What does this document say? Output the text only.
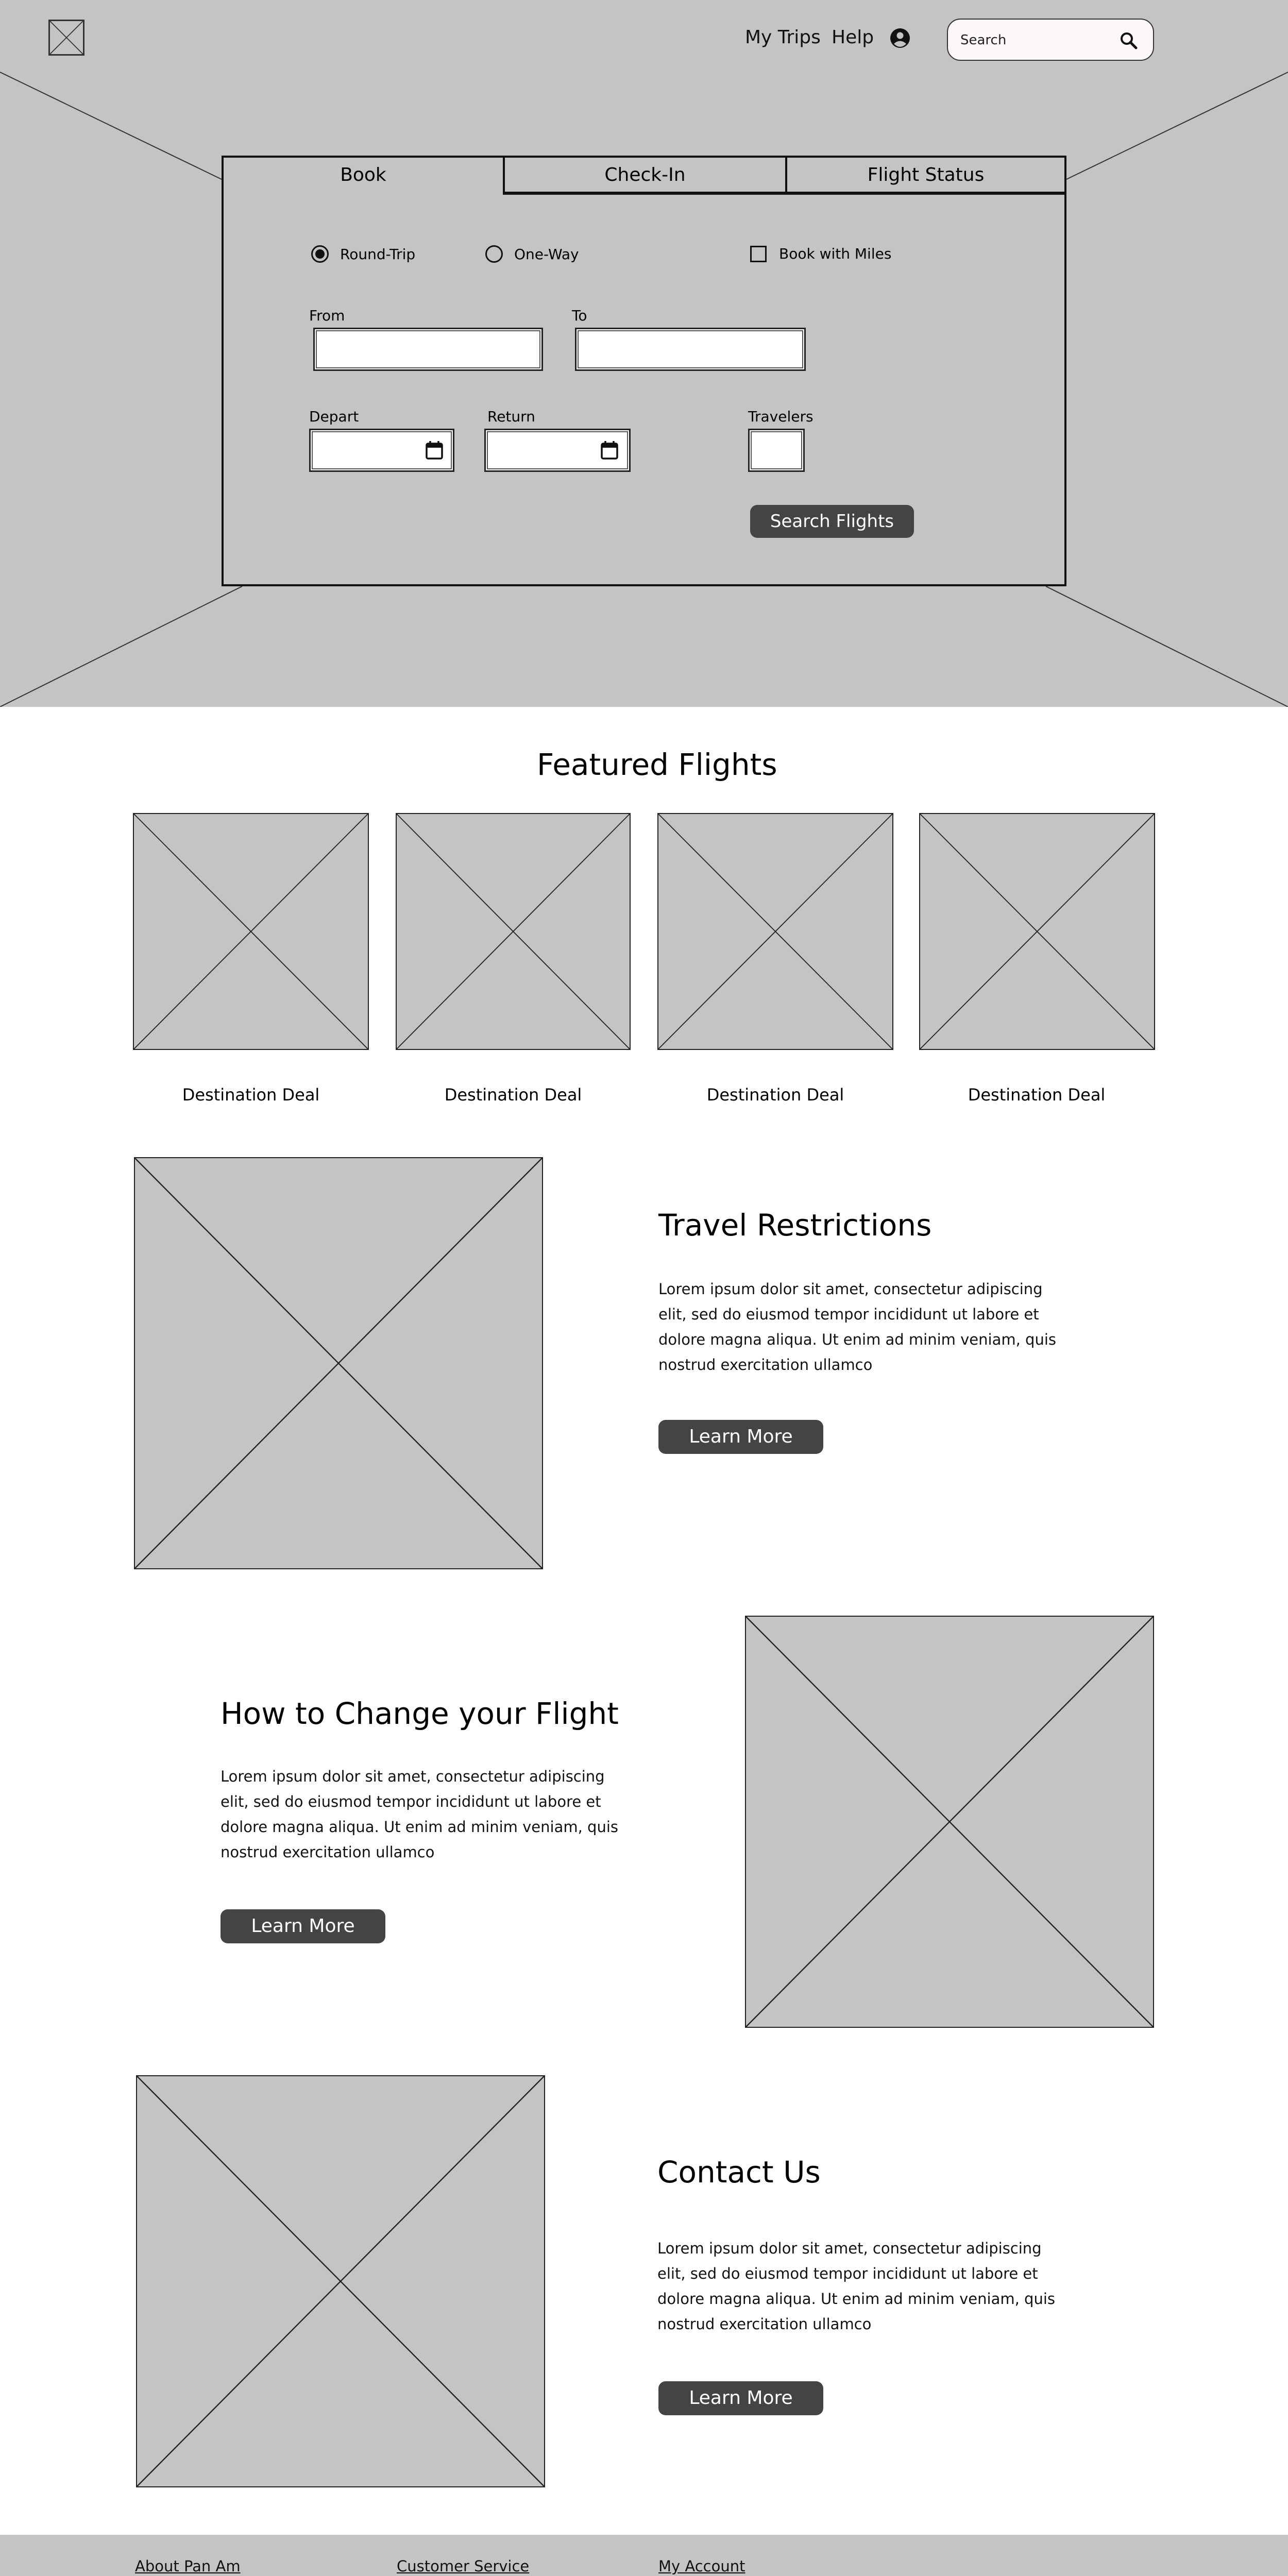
My Trips Help
Search
Book	Check-In	Flight Status
Round-Trip	One-Way	Book with Miles
From	To
Depart	Return	Travelers
Search Flights
Featured Flights
Destination Deal	Destination Deal	Destination Deal	Destination Deal
Travel Restrictions
Lorem ipsum dolor sit amet, consectetur adipiscing elit, sed do eiusmod tempor incididunt ut labore et dolore magna aliqua. Ut enim ad minim veniam, quis nostrud exercitation ullamco
Learn More
How to Change your Flight
Lorem ipsum dolor sit amet, consectetur adipiscing elit, sed do eiusmod tempor incididunt ut labore et dolore magna aliqua. Ut enim ad minim veniam, quis nostrud exercitation ullamco
Learn More
Contact Us
Lorem ipsum dolor sit amet, consectetur adipiscing elit, sed do eiusmod tempor incididunt ut labore et dolore magna aliqua. Ut enim ad minim veniam, quis nostrud exercitation ullamco
Learn More
About Pan Am	Customer Service	My Account
